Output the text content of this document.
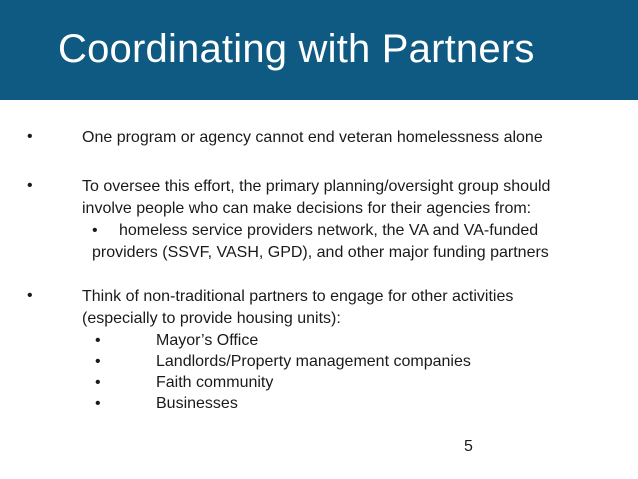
Coordinating with Partners
•	One program or agency cannot end veteran homelessness alone
•	To oversee this effort, the primary planning/oversight group should
involve people who can make decisions for their agencies from:
• homeless service providers network, the VA and VA-funded
providers (SSVF, VASH, GPD), and other major funding partners
•	Think of non-traditional partners to engage for other activities
(especially to provide housing units):
•	Mayor’s Office
•	Landlords/Property management companies
•	Faith community
•	Businesses
5
